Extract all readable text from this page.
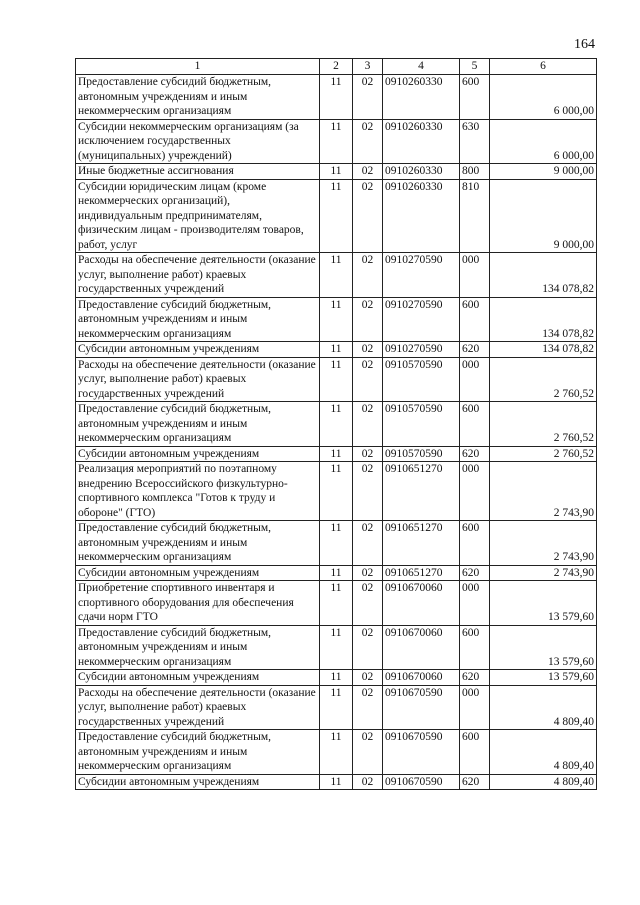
164
1	2	3	4	5	6
Предоставление субсидий бюджетным, автономным учреждениям и иным некоммерческим организациям	11	02	0910260330	600	6 000,00
Субсидии некоммерческим организациям (за исключением государственных (муниципальных) учреждений)	11	02	0910260330	630	6 000,00
Иные бюджетные ассигнования	11	02	0910260330	800	9 000,00
Субсидии юридическим лицам (кроме некоммерческих организаций), индивидуальным предпринимателям, физическим лицам - производителям товаров, работ, услуг	11	02	0910260330	810	9 000,00
Расходы на обеспечение деятельности (оказание услуг, выполнение работ) краевых государственных учреждений	11	02	0910270590	000	134 078,82
Предоставление субсидий бюджетным, автономным учреждениям и иным некоммерческим организациям	11	02	0910270590	600	134 078,82
Субсидии автономным учреждениям	11	02	0910270590	620	134 078,82
Расходы на обеспечение деятельности (оказание услуг, выполнение работ) краевых государственных учреждений	11	02	0910570590	000	2 760,52
Предоставление субсидий бюджетным, автономным учреждениям и иным некоммерческим организациям	11	02	0910570590	600	2 760,52
Субсидии автономным учреждениям	11	02	0910570590	620	2 760,52
Реализация мероприятий по поэтапному внедрению Всероссийского физкультурно-спортивного комплекса "Готов к труду и обороне" (ГТО)	11	02	0910651270	000	2 743,90
Предоставление субсидий бюджетным, автономным учреждениям и иным некоммерческим организациям	11	02	0910651270	600	2 743,90
Субсидии автономным учреждениям	11	02	0910651270	620	2 743,90
Приобретение спортивного инвентаря и спортивного оборудования для обеспечения сдачи норм ГТО	11	02	0910670060	000	13 579,60
Предоставление субсидий бюджетным, автономным учреждениям и иным некоммерческим организациям	11	02	0910670060	600	13 579,60
Субсидии автономным учреждениям	11	02	0910670060	620	13 579,60
Расходы на обеспечение деятельности (оказание услуг, выполнение работ) краевых государственных учреждений	11	02	0910670590	000	4 809,40
Предоставление субсидий бюджетным, автономным учреждениям и иным некоммерческим организациям	11	02	0910670590	600	4 809,40
Субсидии автономным учреждениям	11	02	0910670590	620	4 809,40
